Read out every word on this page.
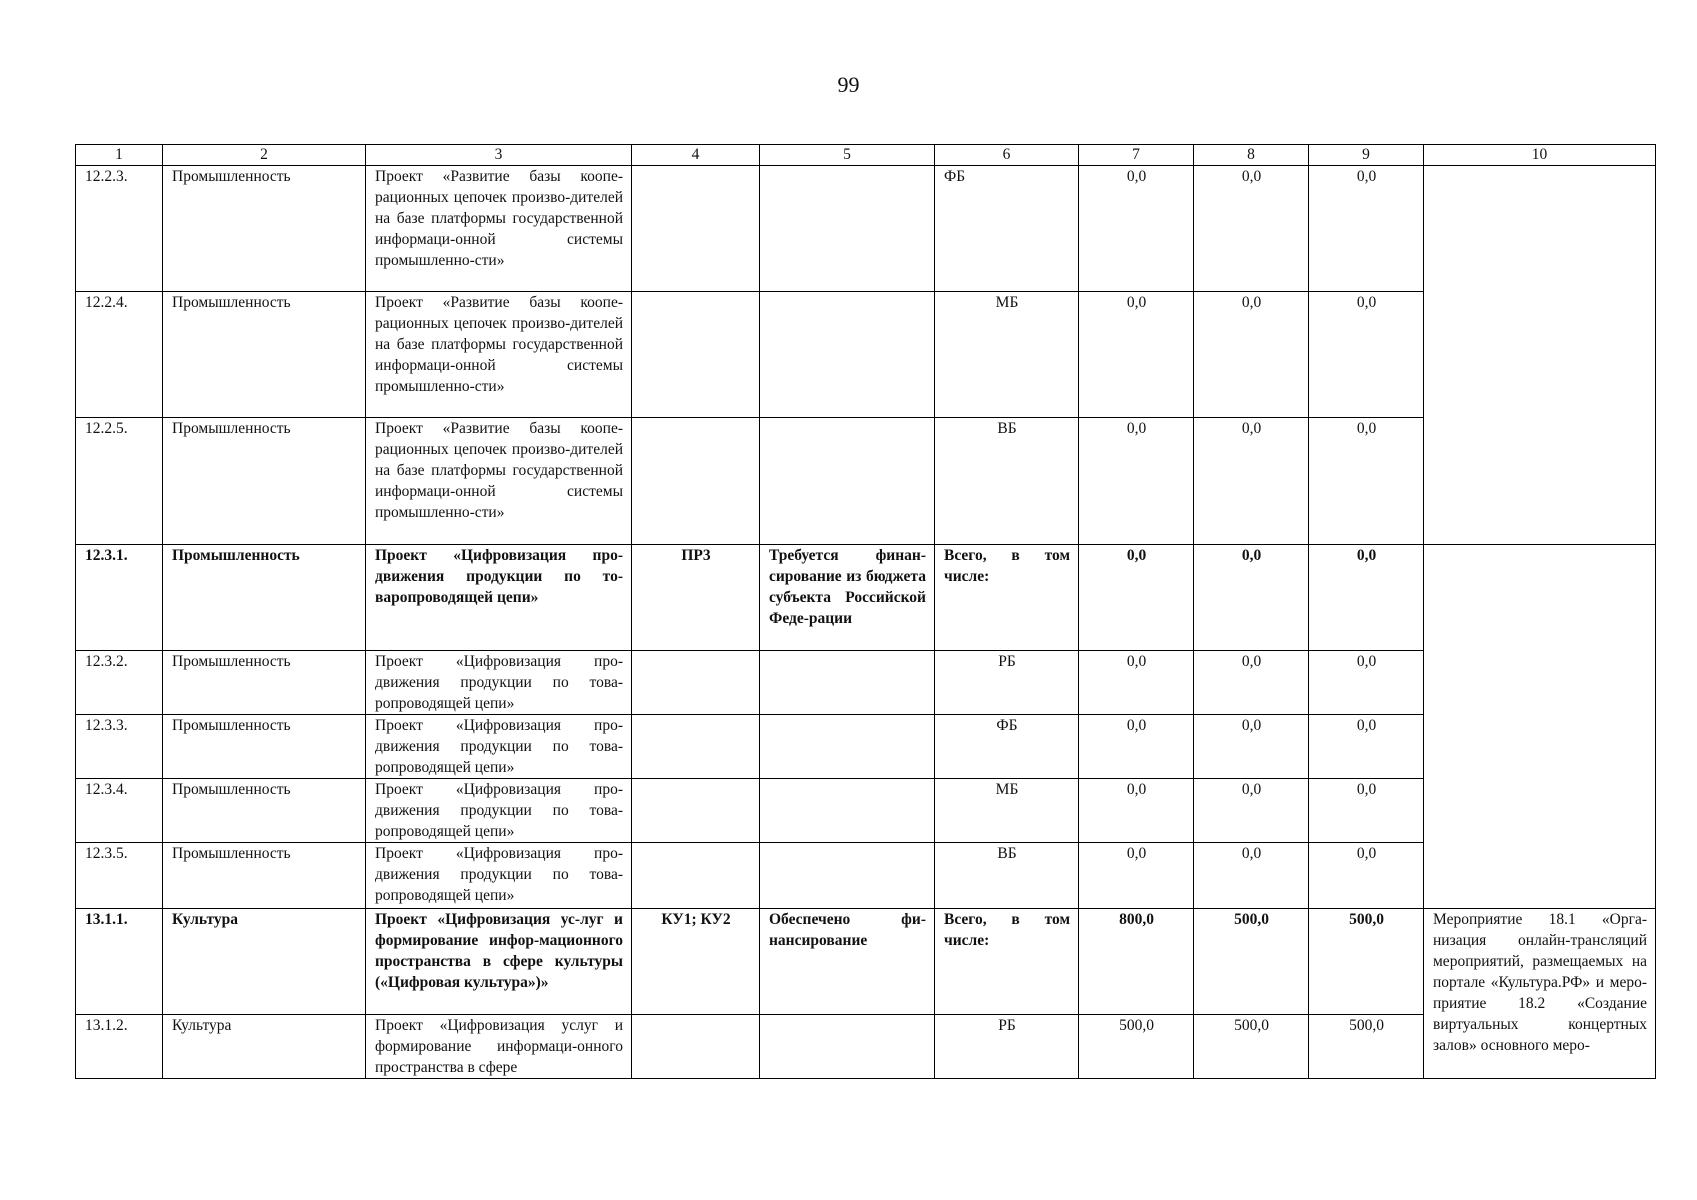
99
1	2	3	4	5	6	7	8	9	10
12.2.3.	Промышленность	Проект «Развитие базы коопе-рационных цепочек произво-дителей на базе платформы государственной информаци-онной системы промышленно-сти»			ФБ	0,0	0,0	0,0	
12.2.4.	Промышленность	Проект «Развитие базы коопе-рационных цепочек произво-дителей на базе платформы государственной информаци-онной системы промышленно-сти»			МБ	0,0	0,0	0,0	
12.2.5.	Промышленность	Проект «Развитие базы коопе-рационных цепочек произво-дителей на базе платформы государственной информаци-онной системы промышленно-сти»			ВБ	0,0	0,0	0,0	
12.3.1.	Промышленность	Проект «Цифровизация про-движения продукции по то-варопроводящей цепи»	ПР3	Требуется финан-сирование из бюджета субъекта Российской Феде-рации	Всего, в том числе:	0,0	0,0	0,0	
12.3.2.	Промышленность	Проект «Цифровизация про-движения продукции по това-ропроводящей цепи»			РБ	0,0	0,0	0,0	
12.3.3.	Промышленность	Проект «Цифровизация про-движения продукции по това-ропроводящей цепи»			ФБ	0,0	0,0	0,0	
12.3.4.	Промышленность	Проект «Цифровизация про-движения продукции по това-ропроводящей цепи»			МБ	0,0	0,0	0,0	
12.3.5.	Промышленность	Проект «Цифровизация про-движения продукции по това-ропроводящей цепи»			ВБ	0,0	0,0	0,0	
13.1.1.	Культура	Проект «Цифровизация ус-луг и формирование инфор-мационного пространства в сфере культуры («Цифровая культура»)»	КУ1; КУ2	Обеспечено фи-нансирование	Всего, в том числе:	800,0	500,0	500,0	Мероприятие 18.1 «Орга-низация онлайн-трансляций мероприятий, размещаемых на портале «Культура.РФ» и меро-приятие 18.2 «Создание виртуальных концертных залов» основного меро-
13.1.2.	Культура	Проект «Цифровизация услуг и формирование информаци-онного пространства в сфере			РБ	500,0	500,0	500,0	
